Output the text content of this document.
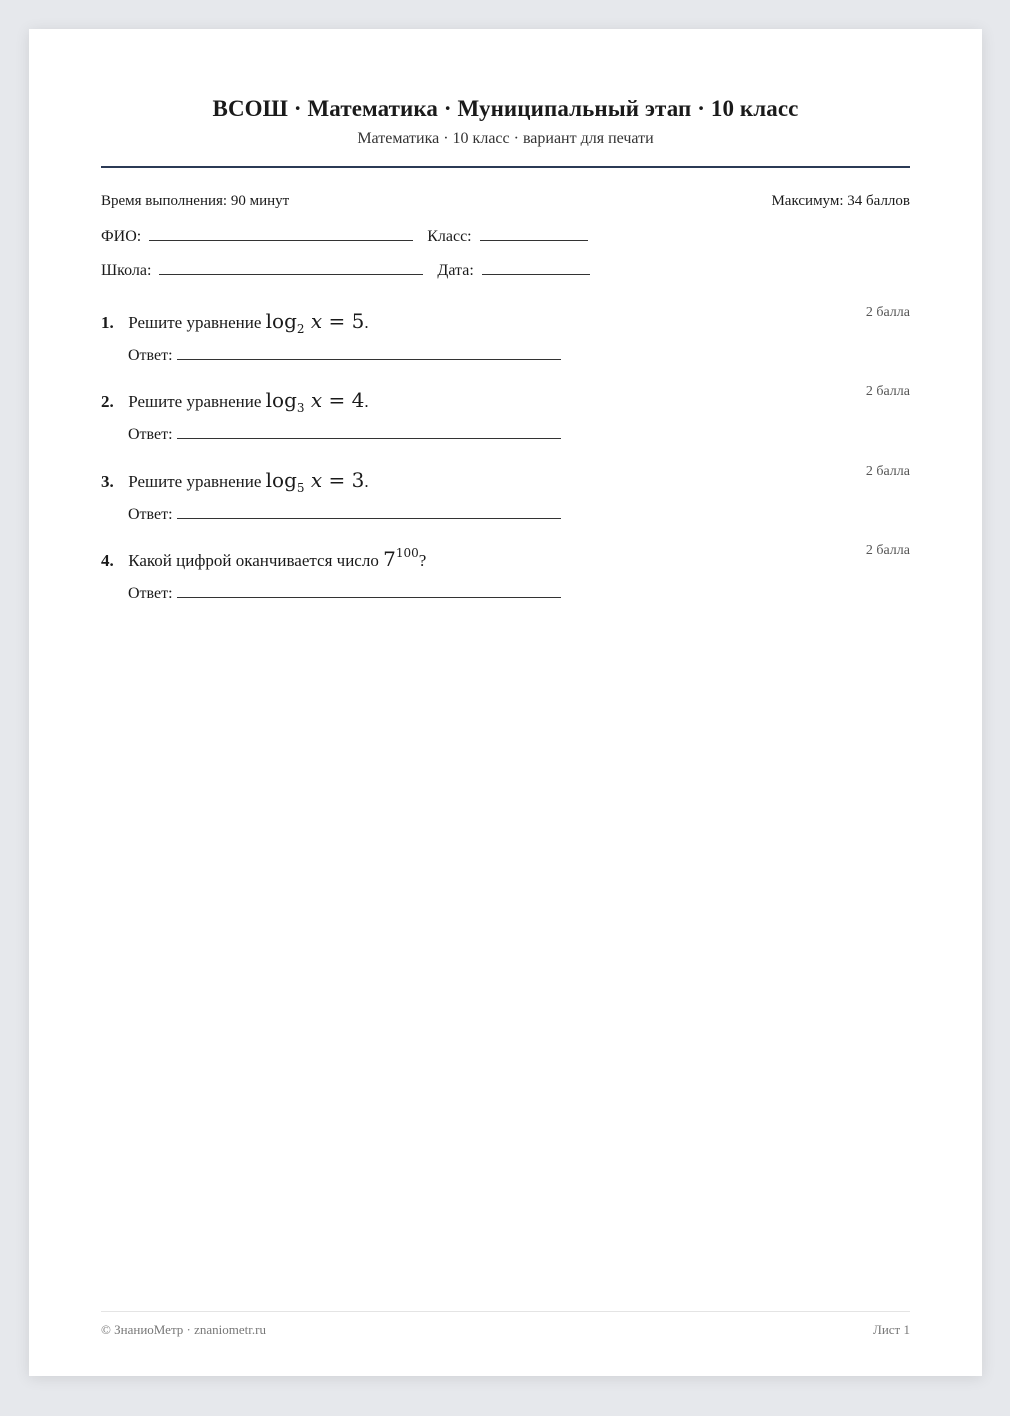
ВСОШ · Математика · Муниципальный этап · 10 класс
Математика · 10 класс · вариант для печати
Время выполнения: 90 минут	Максимум: 34 баллов
ФИО:	Класс:
Школа:	Дата:
1. Решите уравнение $\log_2 x = 5$.
2 балла
Ответ:
2. Решите уравнение $\log_3 x = 4$.
2 балла
Ответ:
3. Решите уравнение $\log_5 x = 3$.
2 балла
Ответ:
4. Какой цифрой оканчивается число $7^{100}$?
2 балла
Ответ:
© ЗнаниоМетр · znaniometr.ru	Лист 1
